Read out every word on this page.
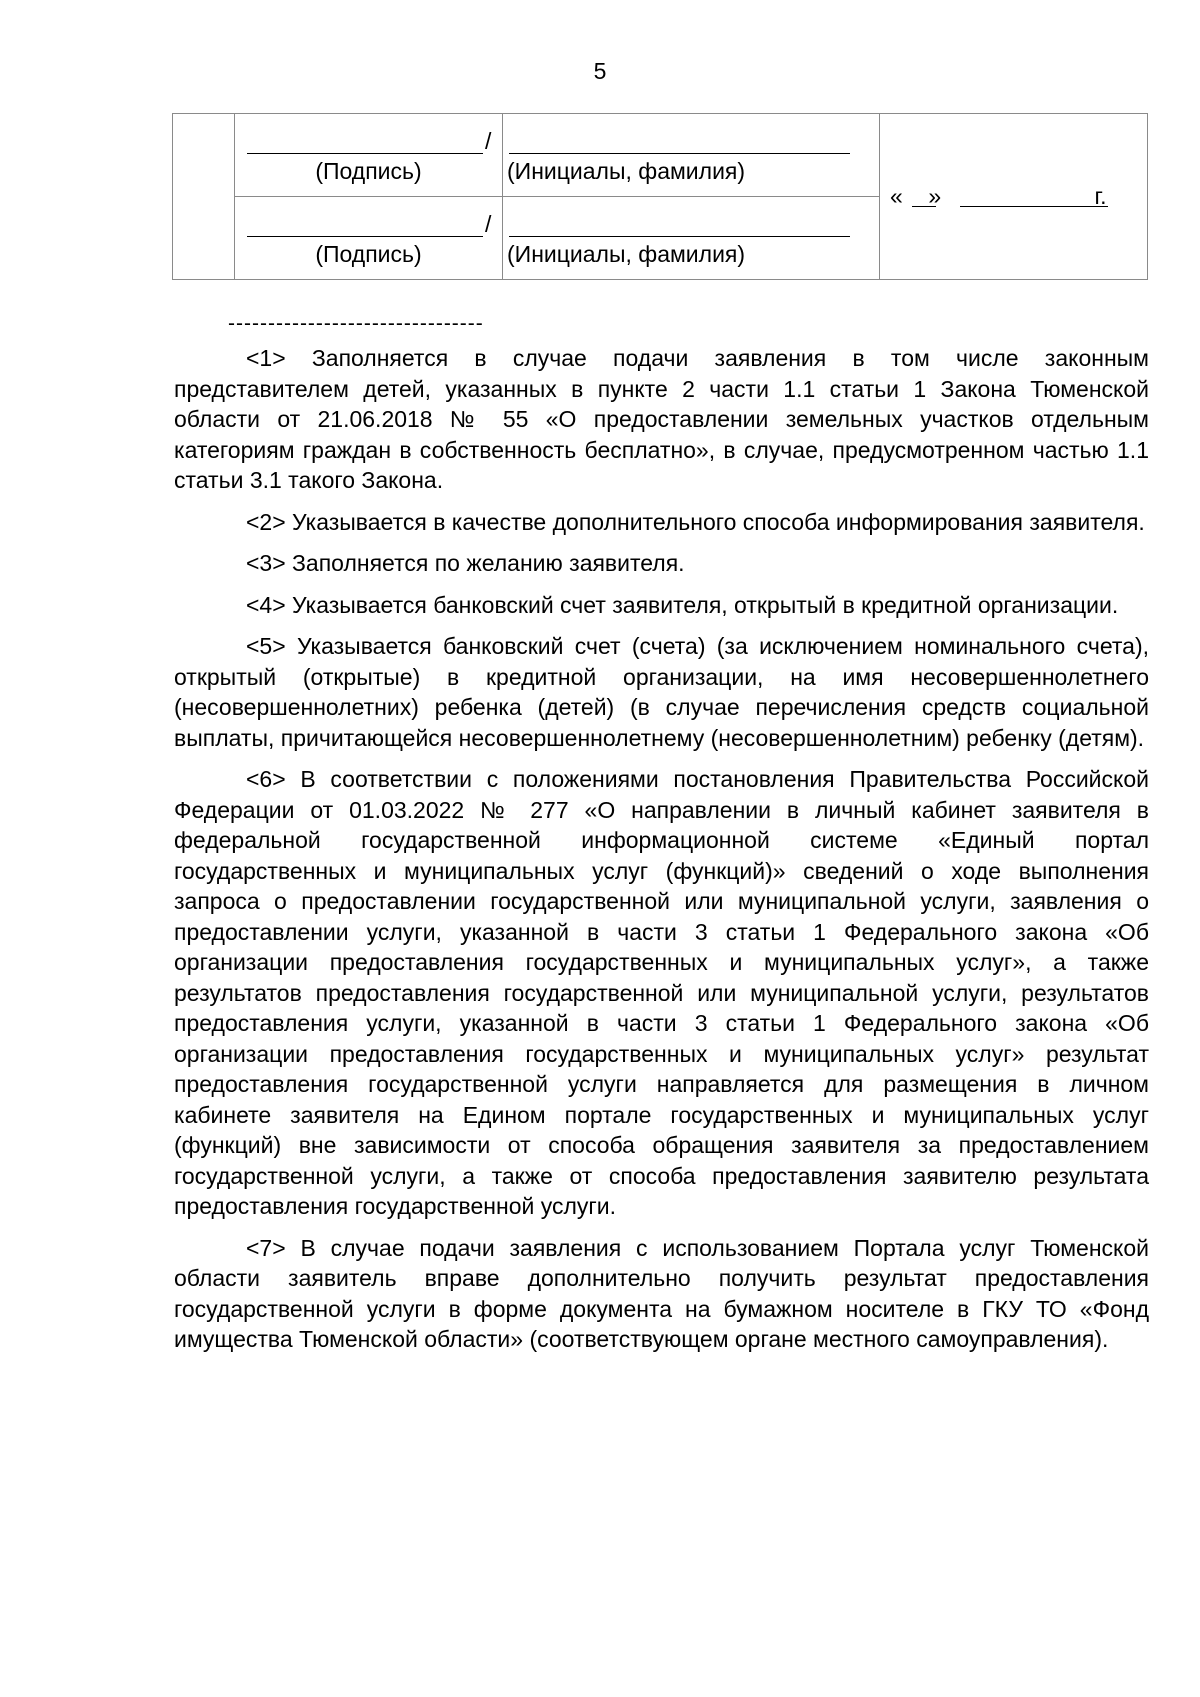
5

	/
(Подпись)	(Инициалы, фамилия)	« » г.

	/
(Подпись)	(Инициалы, фамилия)	
--------------------------------

<1> Заполняется в случае подачи заявления в том числе законным представителем детей, указанных в пункте 2 части 1.1 статьи 1 Закона Тюменской области от 21.06.2018 № 55 «О предоставлении земельных участков отдельным категориям граждан в собственность бесплатно», в случае, предусмотренном частью 1.1 статьи 3.1 такого Закона.

<2> Указывается в качестве дополнительного способа информирования заявителя.

<3> Заполняется по желанию заявителя.

<4> Указывается банковский счет заявителя, открытый в кредитной организации.

<5> Указывается банковский счет (счета) (за исключением номинального счета), открытый (открытые) в кредитной организации, на имя несовершеннолетнего (несовершеннолетних) ребенка (детей) (в случае перечисления средств социальной выплаты, причитающейся несовершеннолетнему (несовершеннолетним) ребенку (детям).

<6> В соответствии с положениями постановления Правительства Российской Федерации от 01.03.2022 № 277 «О направлении в личный кабинет заявителя в федеральной государственной информационной системе «Единый портал государственных и муниципальных услуг (функций)» сведений о ходе выполнения запроса о предоставлении государственной или муниципальной услуги, заявления о предоставлении услуги, указанной в части 3 статьи 1 Федерального закона «Об организации предоставления государственных и муниципальных услуг», а также результатов предоставления государственной или муниципальной услуги, результатов предоставления услуги, указанной в части 3 статьи 1 Федерального закона «Об организации предоставления государственных и муниципальных услуг» результат предоставления государственной услуги направляется для размещения в личном кабинете заявителя на Едином портале государственных и муниципальных услуг (функций) вне зависимости от способа обращения заявителя за предоставлением государственной услуги, а также от способа предоставления заявителю результата предоставления государственной услуги.

<7> В случае подачи заявления с использованием Портала услуг Тюменской области заявитель вправе дополнительно получить результат предоставления государственной услуги в форме документа на бумажном носителе в ГКУ ТО «Фонд имущества Тюменской области» (соответствующем органе местного самоуправления).
